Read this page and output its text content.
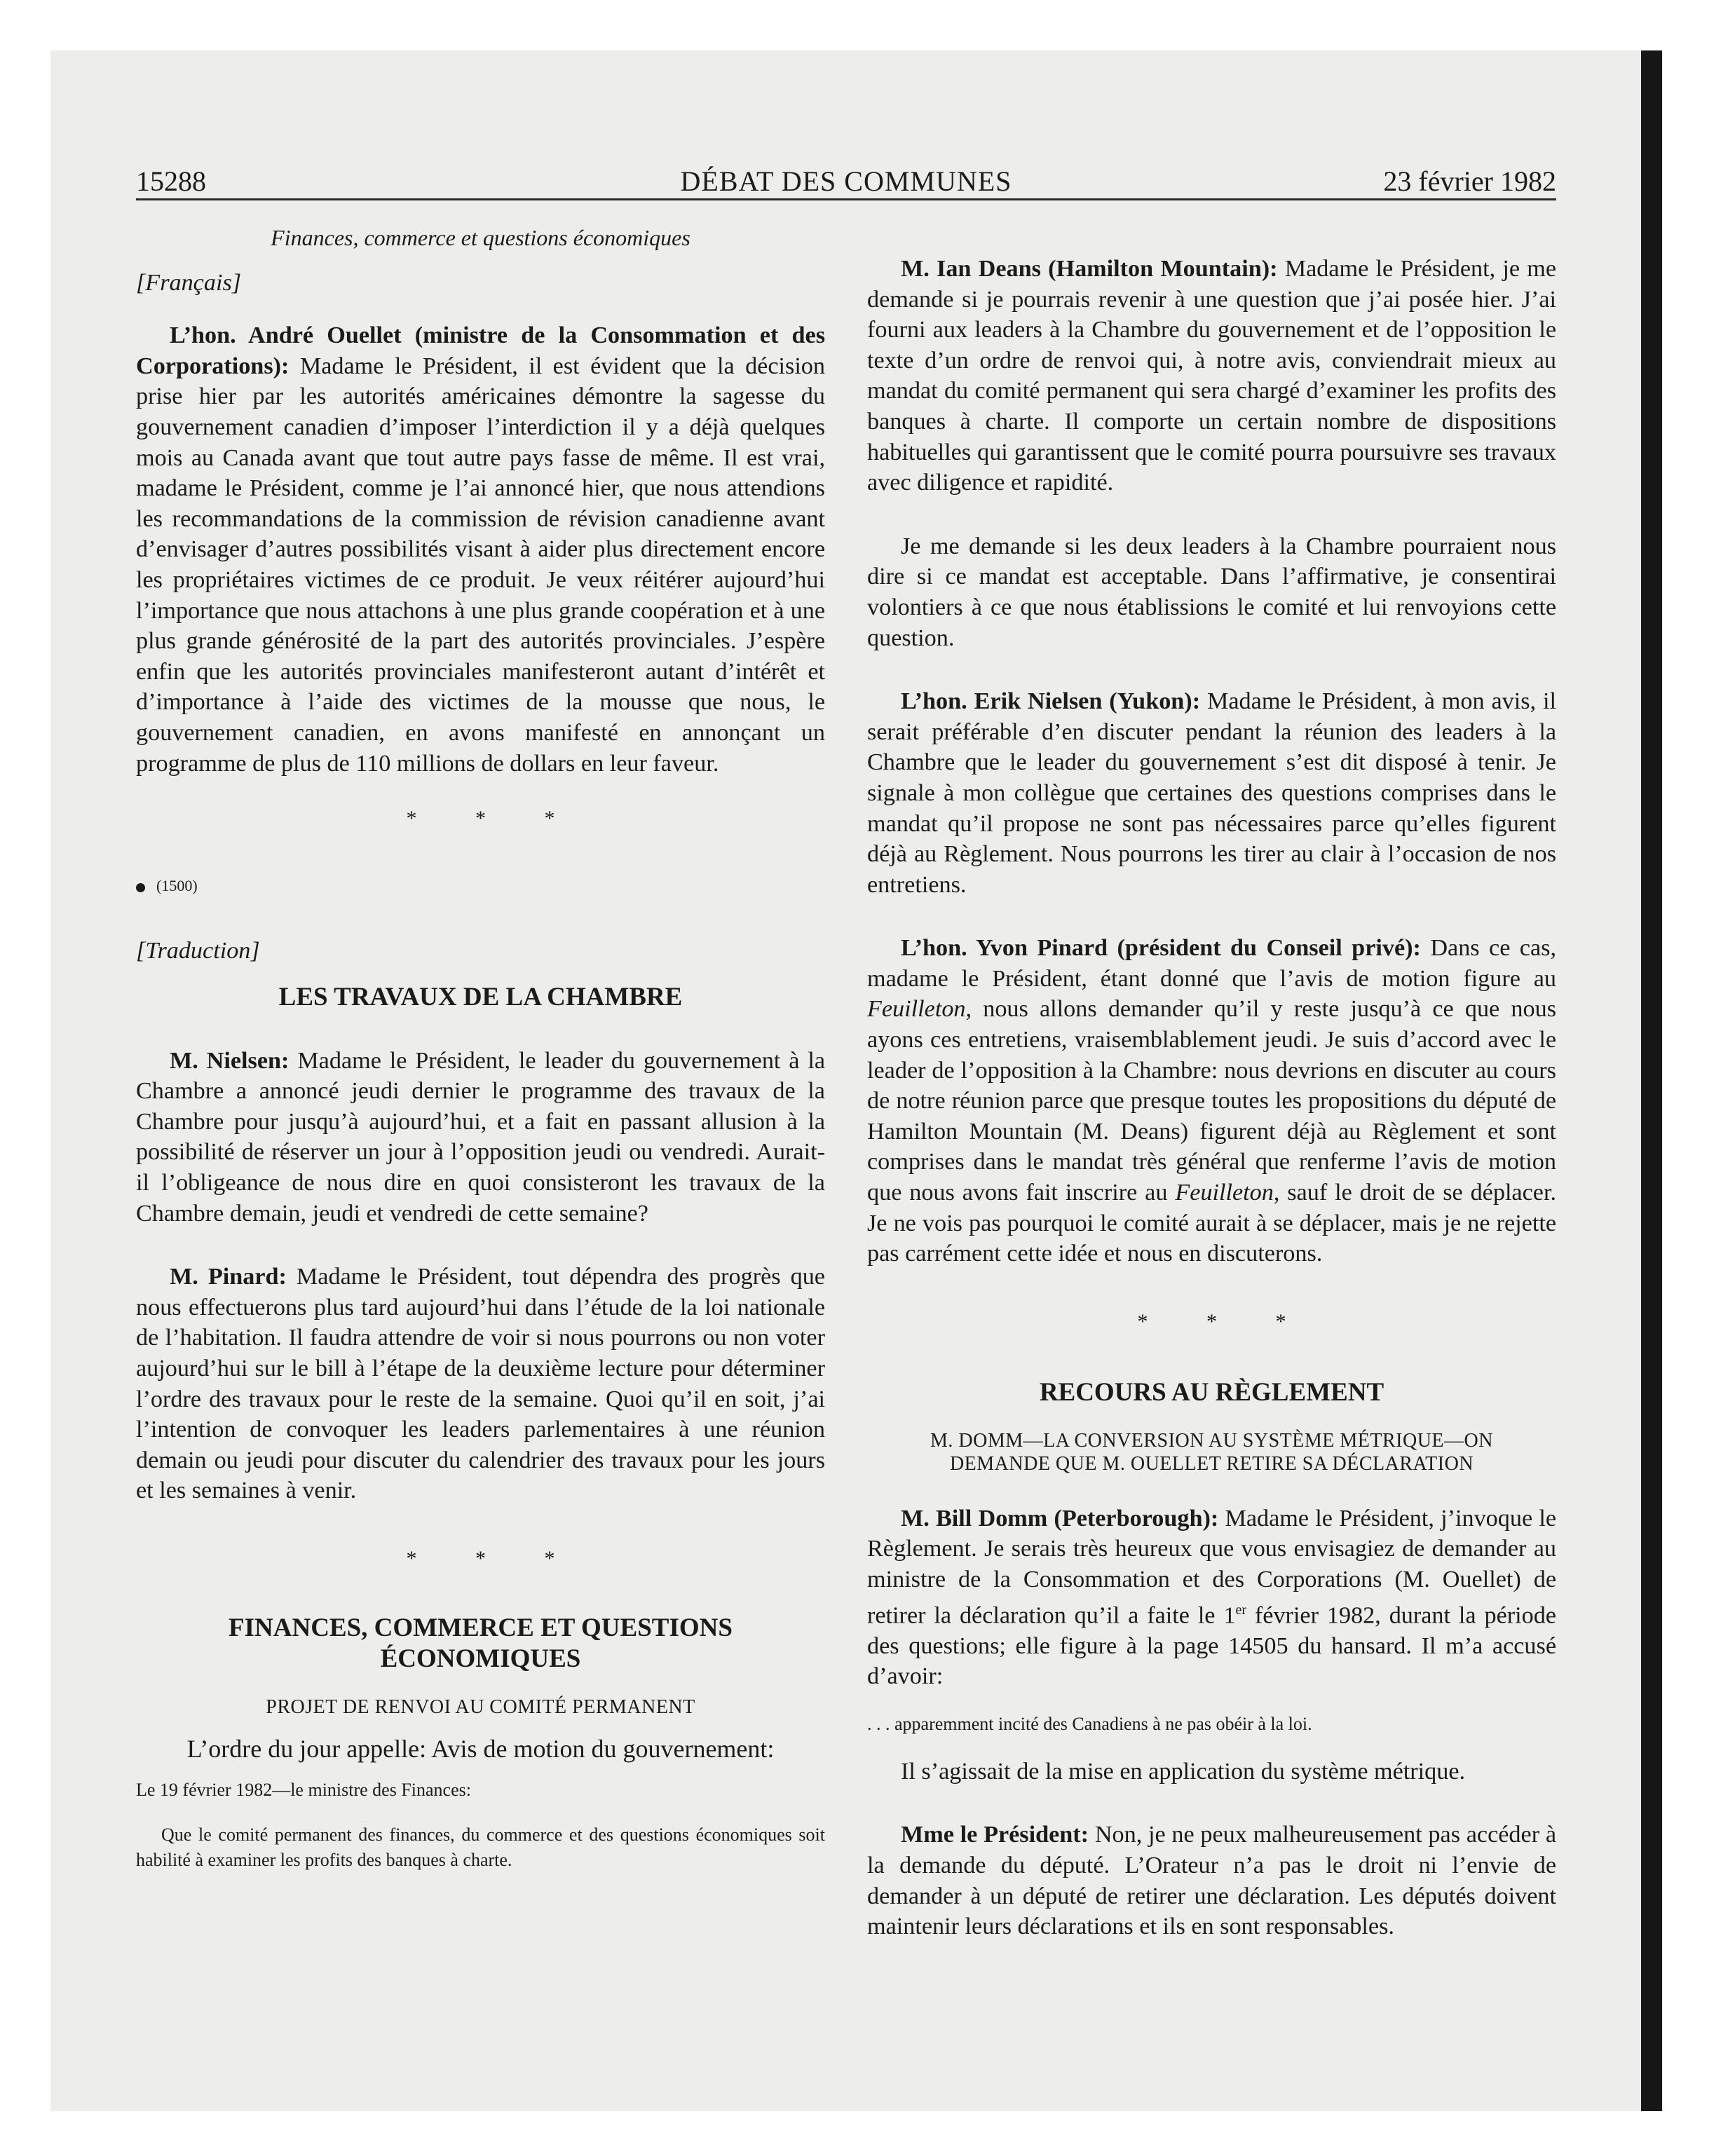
15288	DÉBAT DES COMMUNES	23 février 1982

Finances, commerce et questions économiques

[Français]

L’hon. André Ouellet (ministre de la Consommation et des Corporations): Madame le Président, il est évident que la décision prise hier par les autorités américaines démontre la sagesse du gouvernement canadien d’imposer l’interdiction il y a déjà quelques mois au Canada avant que tout autre pays fasse de même. Il est vrai, madame le Président, comme je l’ai annoncé hier, que nous attendions les recommandations de la commission de révision canadienne avant d’envisager d’autres possibilités visant à aider plus directement encore les propriétaires victimes de ce produit. Je veux réitérer aujourd’hui l’importance que nous attachons à une plus grande coopération et à une plus grande générosité de la part des autorités provinciales. J’espère enfin que les autorités provinciales manifesteront autant d’intérêt et d’importance à l’aide des victimes de la mousse que nous, le gouvernement canadien, en avons manifesté en annonçant un programme de plus de 110 millions de dollars en leur faveur.

* * *

(1500)

[Traduction]

LES TRAVAUX DE LA CHAMBRE

M. Nielsen: Madame le Président, le leader du gouvernement à la Chambre a annoncé jeudi dernier le programme des travaux de la Chambre pour jusqu’à aujourd’hui, et a fait en passant allusion à la possibilité de réserver un jour à l’opposition jeudi ou vendredi. Aurait-il l’obligeance de nous dire en quoi consisteront les travaux de la Chambre demain, jeudi et vendredi de cette semaine?

M. Pinard: Madame le Président, tout dépendra des progrès que nous effectuerons plus tard aujourd’hui dans l’étude de la loi nationale de l’habitation. Il faudra attendre de voir si nous pourrons ou non voter aujourd’hui sur le bill à l’étape de la deuxième lecture pour déterminer l’ordre des travaux pour le reste de la semaine. Quoi qu’il en soit, j’ai l’intention de convoquer les leaders parlementaires à une réunion demain ou jeudi pour discuter du calendrier des travaux pour les jours et les semaines à venir.

* * *

FINANCES, COMMERCE ET QUESTIONS

ÉCONOMIQUES

PROJET DE RENVOI AU COMITÉ PERMANENT

L’ordre du jour appelle: Avis de motion du gouvernement:

Le 19 février 1982—le ministre des Finances:

Que le comité permanent des finances, du commerce et des questions économiques soit habilité à examiner les profits des banques à charte.

M. Ian Deans (Hamilton Mountain): Madame le Président, je me demande si je pourrais revenir à une question que j’ai posée hier. J’ai fourni aux leaders à la Chambre du gouvernement et de l’opposition le texte d’un ordre de renvoi qui, à notre avis, conviendrait mieux au mandat du comité permanent qui sera chargé d’examiner les profits des banques à charte. Il comporte un certain nombre de dispositions habituelles qui garantissent que le comité pourra poursuivre ses travaux avec diligence et rapidité.

Je me demande si les deux leaders à la Chambre pourraient nous dire si ce mandat est acceptable. Dans l’affirmative, je consentirai volontiers à ce que nous établissions le comité et lui renvoyions cette question.

L’hon. Erik Nielsen (Yukon): Madame le Président, à mon avis, il serait préférable d’en discuter pendant la réunion des leaders à la Chambre que le leader du gouvernement s’est dit disposé à tenir. Je signale à mon collègue que certaines des questions comprises dans le mandat qu’il propose ne sont pas nécessaires parce qu’elles figurent déjà au Règlement. Nous pourrons les tirer au clair à l’occasion de nos entretiens.

L’hon. Yvon Pinard (président du Conseil privé): Dans ce cas, madame le Président, étant donné que l’avis de motion figure au Feuilleton, nous allons demander qu’il y reste jusqu’à ce que nous ayons ces entretiens, vraisemblablement jeudi. Je suis d’accord avec le leader de l’opposition à la Chambre: nous devrions en discuter au cours de notre réunion parce que presque toutes les propositions du député de Hamilton Mountain (M. Deans) figurent déjà au Règlement et sont comprises dans le mandat très général que renferme l’avis de motion que nous avons fait inscrire au Feuilleton, sauf le droit de se déplacer. Je ne vois pas pourquoi le comité aurait à se déplacer, mais je ne rejette pas carrément cette idée et nous en discuterons.

* * *

RECOURS AU RÈGLEMENT

M. DOMM—LA CONVERSION AU SYSTÈME MÉTRIQUE—ON

DEMANDE QUE M. OUELLET RETIRE SA DÉCLARATION

M. Bill Domm (Peterborough): Madame le Président, j’invoque le Règlement. Je serais très heureux que vous envisagiez de demander au ministre de la Consommation et des Corporations (M. Ouellet) de retirer la déclaration qu’il a faite le 1er février 1982, durant la période des questions; elle figure à la page 14505 du hansard. Il m’a accusé d’avoir:

. . . apparemment incité des Canadiens à ne pas obéir à la loi.

Il s’agissait de la mise en application du système métrique.

Mme le Président: Non, je ne peux malheureusement pas accéder à la demande du député. L’Orateur n’a pas le droit ni l’envie de demander à un député de retirer une déclaration. Les députés doivent maintenir leurs déclarations et ils en sont responsables.
